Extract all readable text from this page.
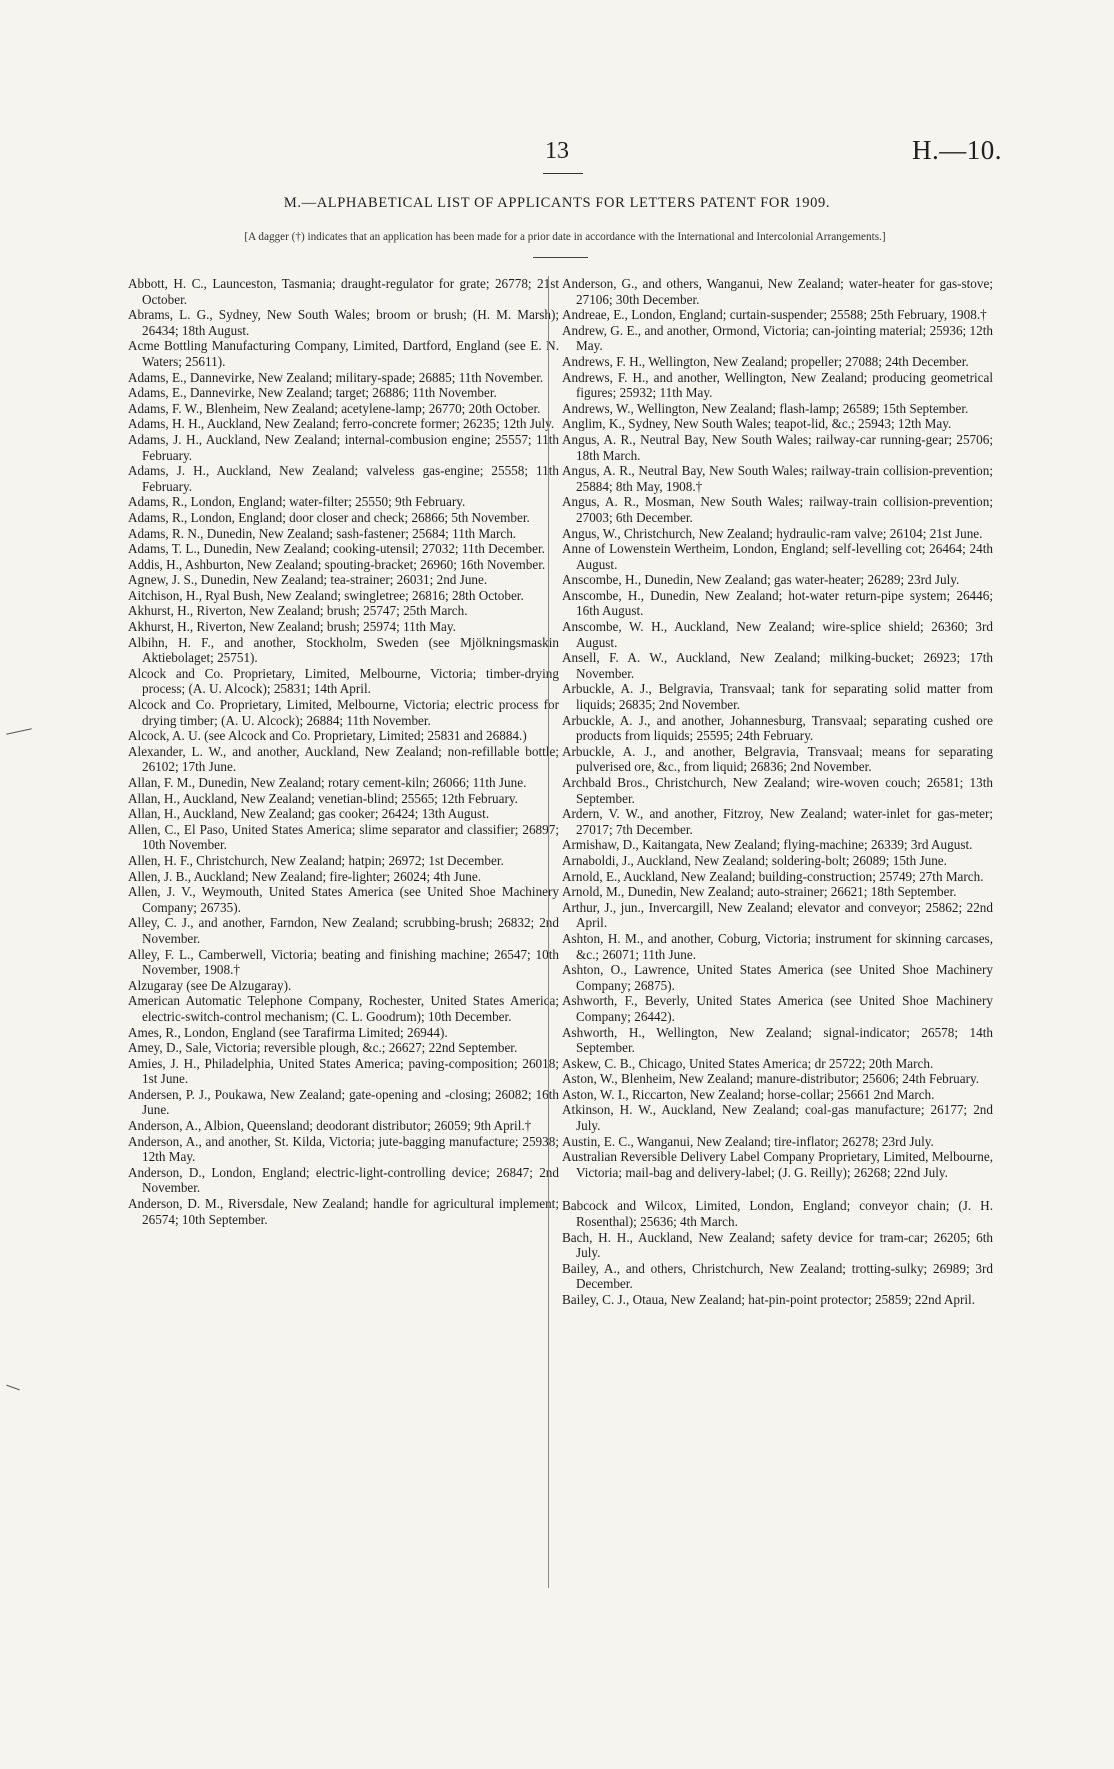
13	H.—10.
M.—ALPHABETICAL LIST OF APPLICANTS FOR LETTERS PATENT FOR 1909.
[A dagger (†) indicates that an application has been made for a prior date in accordance with the International and Intercolonial Arrangements.]

Abbott, H. C., Launceston, Tasmania; draught-regulator for grate; 26778; 21st October.

Abrams, L. G., Sydney, New South Wales; broom or brush; (H. M. Marsh); 26434; 18th August.

Acme Bottling Manufacturing Company, Limited, Dartford, England (see E. N. Waters; 25611).

Adams, E., Dannevirke, New Zealand; military-spade; 26885; 11th November.

Adams, E., Dannevirke, New Zealand; target; 26886; 11th November.

Adams, F. W., Blenheim, New Zealand; acetylene-lamp; 26770; 20th October.

Adams, H. H., Auckland, New Zealand; ferro-concrete former; 26235; 12th July.

Adams, J. H., Auckland, New Zealand; internal-combusion engine; 25557; 11th February.

Adams, J. H., Auckland, New Zealand; valveless gas-engine; 25558; 11th February.

Adams, R., London, England; water-filter; 25550; 9th February.

Adams, R., London, England; door closer and check; 26866; 5th November.

Adams, R. N., Dunedin, New Zealand; sash-fastener; 25684; 11th March.

Adams, T. L., Dunedin, New Zealand; cooking-utensil; 27032; 11th December.

Addis, H., Ashburton, New Zealand; spouting-bracket; 26960; 16th November.

Agnew, J. S., Dunedin, New Zealand; tea-strainer; 26031; 2nd June.

Aitchison, H., Ryal Bush, New Zealand; swingletree; 26816; 28th October.

Akhurst, H., Riverton, New Zealand; brush; 25747; 25th March.

Akhurst, H., Riverton, New Zealand; brush; 25974; 11th May.

Albihn, H. F., and another, Stockholm, Sweden (see Mjölkningsmaskin Aktiebolaget; 25751).

Alcock and Co. Proprietary, Limited, Melbourne, Victoria; timber-drying process; (A. U. Alcock); 25831; 14th April.

Alcock and Co. Proprietary, Limited, Melbourne, Victoria; electric process for drying timber; (A. U. Alcock); 26884; 11th November.

Alcock, A. U. (see Alcock and Co. Proprietary, Limited; 25831 and 26884.)

Alexander, L. W., and another, Auckland, New Zealand; non-refillable bottle; 26102; 17th June.

Allan, F. M., Dunedin, New Zealand; rotary cement-kiln; 26066; 11th June.

Allan, H., Auckland, New Zealand; venetian-blind; 25565; 12th February.

Allan, H., Auckland, New Zealand; gas cooker; 26424; 13th August.

Allen, C., El Paso, United States America; slime separator and classifier; 26897; 10th November.

Allen, H. F., Christchurch, New Zealand; hatpin; 26972; 1st December.

Allen, J. B., Auckland; New Zealand; fire-lighter; 26024; 4th June.

Allen, J. V., Weymouth, United States America (see United Shoe Machinery Company; 26735).

Alley, C. J., and another, Farndon, New Zealand; scrubbing-brush; 26832; 2nd November.

Alley, F. L., Camberwell, Victoria; beating and finishing machine; 26547; 10th November, 1908.†

Alzugaray (see De Alzugaray).

American Automatic Telephone Company, Rochester, United States America; electric-switch-control mechanism; (C. L. Goodrum); 10th December.

Ames, R., London, England (see Tarafirma Limited; 26944).

Amey, D., Sale, Victoria; reversible plough, &c.; 26627; 22nd September.

Amies, J. H., Philadelphia, United States America; paving-composition; 26018; 1st June.

Andersen, P. J., Poukawa, New Zealand; gate-opening and -closing; 26082; 16th June.

Anderson, A., Albion, Queensland; deodorant distributor; 26059; 9th April.†

Anderson, A., and another, St. Kilda, Victoria; jute-bagging manufacture; 25938; 12th May.

Anderson, D., London, England; electric-light-controlling device; 26847; 2nd November.

Anderson, D. M., Riversdale, New Zealand; handle for agricultural implement; 26574; 10th September.

Anderson, G., and others, Wanganui, New Zealand; water-heater for gas-stove; 27106; 30th December.

Andreae, E., London, England; curtain-suspender; 25588; 25th February, 1908.†

Andrew, G. E., and another, Ormond, Victoria; can-jointing material; 25936; 12th May.

Andrews, F. H., Wellington, New Zealand; propeller; 27088; 24th December.

Andrews, F. H., and another, Wellington, New Zealand; producing geometrical figures; 25932; 11th May.

Andrews, W., Wellington, New Zealand; flash-lamp; 26589; 15th September.

Anglim, K., Sydney, New South Wales; teapot-lid, &c.; 25943; 12th May.

Angus, A. R., Neutral Bay, New South Wales; railway-car running-gear; 25706; 18th March.

Angus, A. R., Neutral Bay, New South Wales; railway-train collision-prevention; 25884; 8th May, 1908.†

Angus, A. R., Mosman, New South Wales; railway-train collision-prevention; 27003; 6th December.

Angus, W., Christchurch, New Zealand; hydraulic-ram valve; 26104; 21st June.

Anne of Lowenstein Wertheim, London, England; self-levelling cot; 26464; 24th August.

Anscombe, H., Dunedin, New Zealand; gas water-heater; 26289; 23rd July.

Anscombe, H., Dunedin, New Zealand; hot-water return-pipe system; 26446; 16th August.

Anscombe, W. H., Auckland, New Zealand; wire-splice shield; 26360; 3rd August.

Ansell, F. A. W., Auckland, New Zealand; milking-bucket; 26923; 17th November.

Arbuckle, A. J., Belgravia, Transvaal; tank for separating solid matter from liquids; 26835; 2nd November.

Arbuckle, A. J., and another, Johannesburg, Transvaal; separating cushed ore products from liquids; 25595; 24th February.

Arbuckle, A. J., and another, Belgravia, Transvaal; means for separating pulverised ore, &c., from liquid; 26836; 2nd November.

Archbald Bros., Christchurch, New Zealand; wire-woven couch; 26581; 13th September.

Ardern, V. W., and another, Fitzroy, New Zealand; water-inlet for gas-meter; 27017; 7th December.

Armishaw, D., Kaitangata, New Zealand; flying-machine; 26339; 3rd August.

Arnaboldi, J., Auckland, New Zealand; soldering-bolt; 26089; 15th June.

Arnold, E., Auckland, New Zealand; building-construction; 25749; 27th March.

Arnold, M., Dunedin, New Zealand; auto-strainer; 26621; 18th September.

Arthur, J., jun., Invercargill, New Zealand; elevator and conveyor; 25862; 22nd April.

Ashton, H. M., and another, Coburg, Victoria; instrument for skinning carcases, &c.; 26071; 11th June.

Ashton, O., Lawrence, United States America (see United Shoe Machinery Company; 26875).

Ashworth, F., Beverly, United States America (see United Shoe Machinery Company; 26442).

Ashworth, H., Wellington, New Zealand; signal-indicator; 26578; 14th September.

Askew, C. B., Chicago, United States America; dr 25722; 20th March.

Aston, W., Blenheim, New Zealand; manure-distributor; 25606; 24th February.

Aston, W. I., Riccarton, New Zealand; horse-collar; 25661 2nd March.

Atkinson, H. W., Auckland, New Zealand; coal-gas manufacture; 26177; 2nd July.

Austin, E. C., Wanganui, New Zealand; tire-inflator; 26278; 23rd July.

Australian Reversible Delivery Label Company Proprietary, Limited, Melbourne, Victoria; mail-bag and delivery-label; (J. G. Reilly); 26268; 22nd July.

Babcock and Wilcox, Limited, London, England; conveyor chain; (J. H. Rosenthal); 25636; 4th March.

Bach, H. H., Auckland, New Zealand; safety device for tram-car; 26205; 6th July.

Bailey, A., and others, Christchurch, New Zealand; trotting-sulky; 26989; 3rd December.

Bailey, C. J., Otaua, New Zealand; hat-pin-point protector; 25859; 22nd April.
